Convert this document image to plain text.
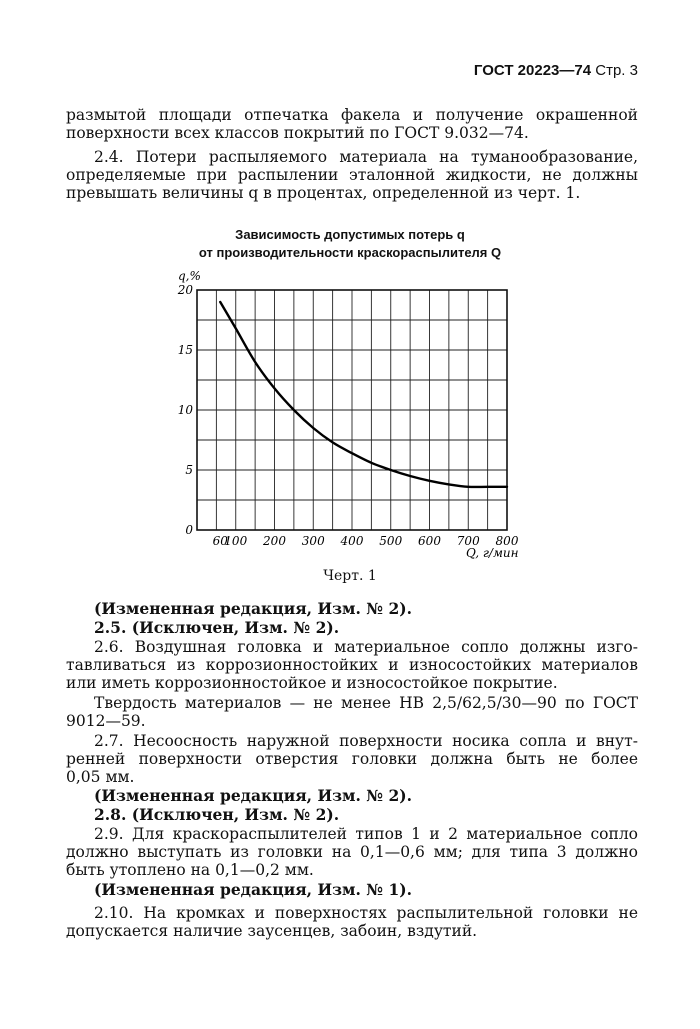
ГОСТ 20223—74 Стр. 3
размытой площади отпечатка факела и получение окрашенной
поверхности всех классов покрытий по ГОСТ 9.032—74.
2.4. Потери распыляемого материала на туманообразование,
определяемые при распылении эталонной жидкости, не должны
превышать величины q в процентах, определенной из черт. 1.
Зависимость допустимых потерь q
от производительности краскораспылителя Q
20
15
10
5
0
60
100 200 300 400 500 600 700 800
q,%
Q, г/мин
Черт. 1
(Измененная редакция, Изм. № 2).
2.5. (Исключен, Изм. № 2).
2.6. Воздушная головка и материальное сопло должны изго-
тавливаться из коррозионностойких и износостойких материалов
или иметь коррозионностойкое и износостойкое покрытие.
Твердость материалов — не менее НВ 2,5/62,5/30—90 по ГОСТ
9012—59.
2.7. Несоосность наружной поверхности носика сопла и внут-
ренней поверхности отверстия головки должна быть не более
0,05 мм.
(Измененная редакция, Изм. № 2).
2.8. (Исключен, Изм. № 2).
2.9. Для краскораспылителей типов 1 и 2 материальное сопло
должно выступать из головки на 0,1—0,6 мм; для типа 3 должно
быть утоплено на 0,1—0,2 мм.
(Измененная редакция, Изм. № 1).
2.10. На кромках и поверхностях распылительной головки не
допускается наличие заусенцев, забоин, вздутий.
